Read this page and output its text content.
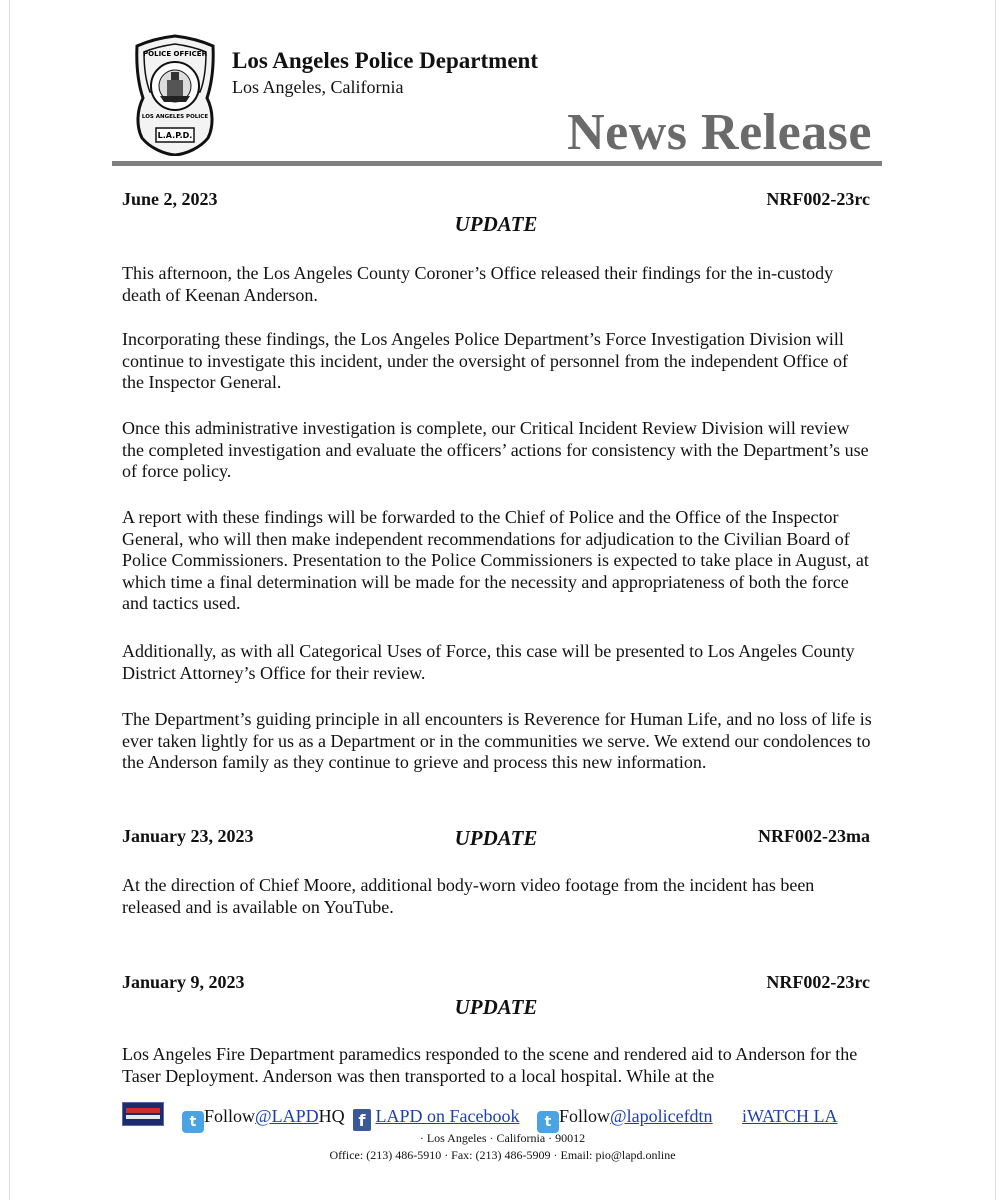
POLICE OFFICER
LOS ANGELES POLICE
L.A.P.D.
Los Angeles Police Department
Los Angeles, California
News Release
June 2, 2023	NRF002-23rc
UPDATE

This afternoon, the Los Angeles County Coroner’s Office released their findings for the in-custody death of Keenan Anderson.

Incorporating these findings, the Los Angeles Police Department’s Force Investigation Division will continue to investigate this incident, under the oversight of personnel from the independent Office of the Inspector General.

Once this administrative investigation is complete, our Critical Incident Review Division will review the completed investigation and evaluate the officers’ actions for consistency with the Department’s use of force policy.

A report with these findings will be forwarded to the Chief of Police and the Office of the Inspector General, who will then make independent recommendations for adjudication to the Civilian Board of Police Commissioners. Presentation to the Police Commissioners is expected to take place in August, at which time a final determination will be made for the necessity and appropriateness of both the force and tactics used.

Additionally, as with all Categorical Uses of Force, this case will be presented to Los Angeles County District Attorney’s Office for their review.

The Department’s guiding principle in all encounters is Reverence for Human Life, and no loss of life is ever taken lightly for us as a Department or in the communities we serve. We extend our condolences to the Anderson family as they continue to grieve and process this new information.

January 23, 2023	UPDATE	NRF002-23ma

At the direction of Chief Moore, additional body-worn video footage from the incident has been released and is available on YouTube.

January 9, 2023	NRF002-23rc
UPDATE

Los Angeles Fire Department paramedics responded to the scene and rendered aid to Anderson for the Taser Deployment. Anderson was then transported to a local hospital. While at the

t Follow@LAPDHQ f LAPD on Facebook	t Follow@lapolicefdtn iWATCH LA
· Los Angeles · California · 90012
Office: (213) 486-5910 · Fax: (213) 486-5909 · Email: pio@lapd.online
